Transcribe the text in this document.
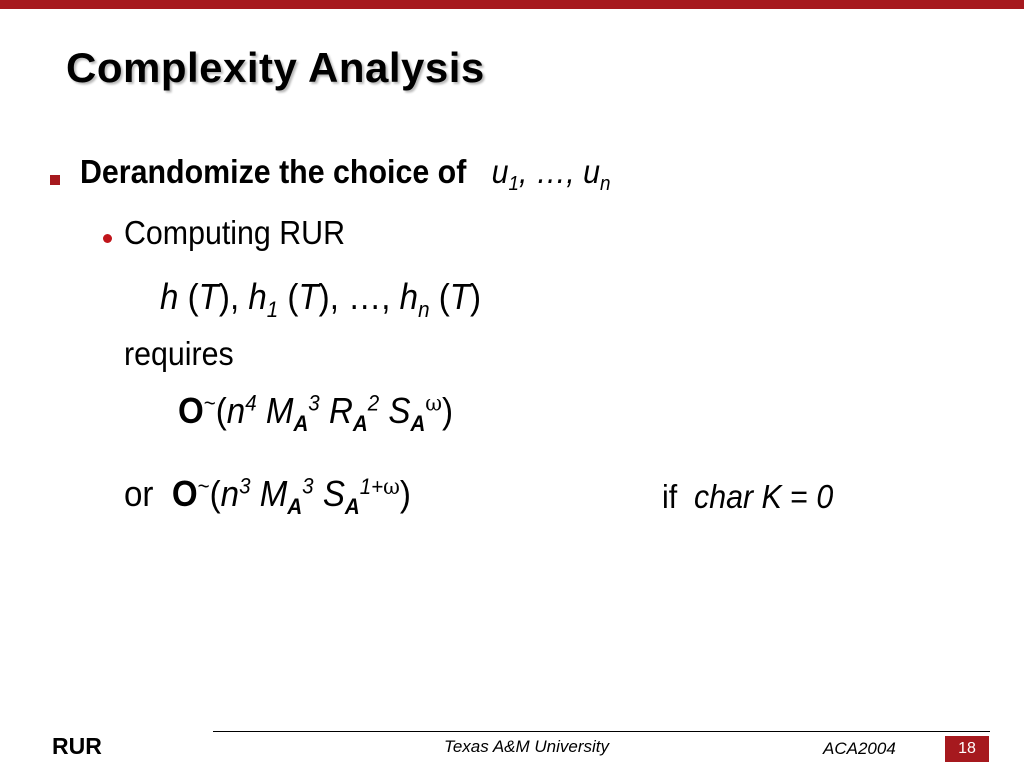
Complexity Analysis
Derandomize the choice of $u_1$, …, $u_n$
Computing RUR
h (T), $h_1$ (T), …, $h_n$ (T)
requires
$O^\sim(n^4$ $M_A^3$ $R_A^2$ $S_A^\omega$)
or $O^\sim(n^3$ $M_A^3$ $S_A^{1+\omega}$)	if char K = 0
RUR	Texas A&M University	ACA2004	18
